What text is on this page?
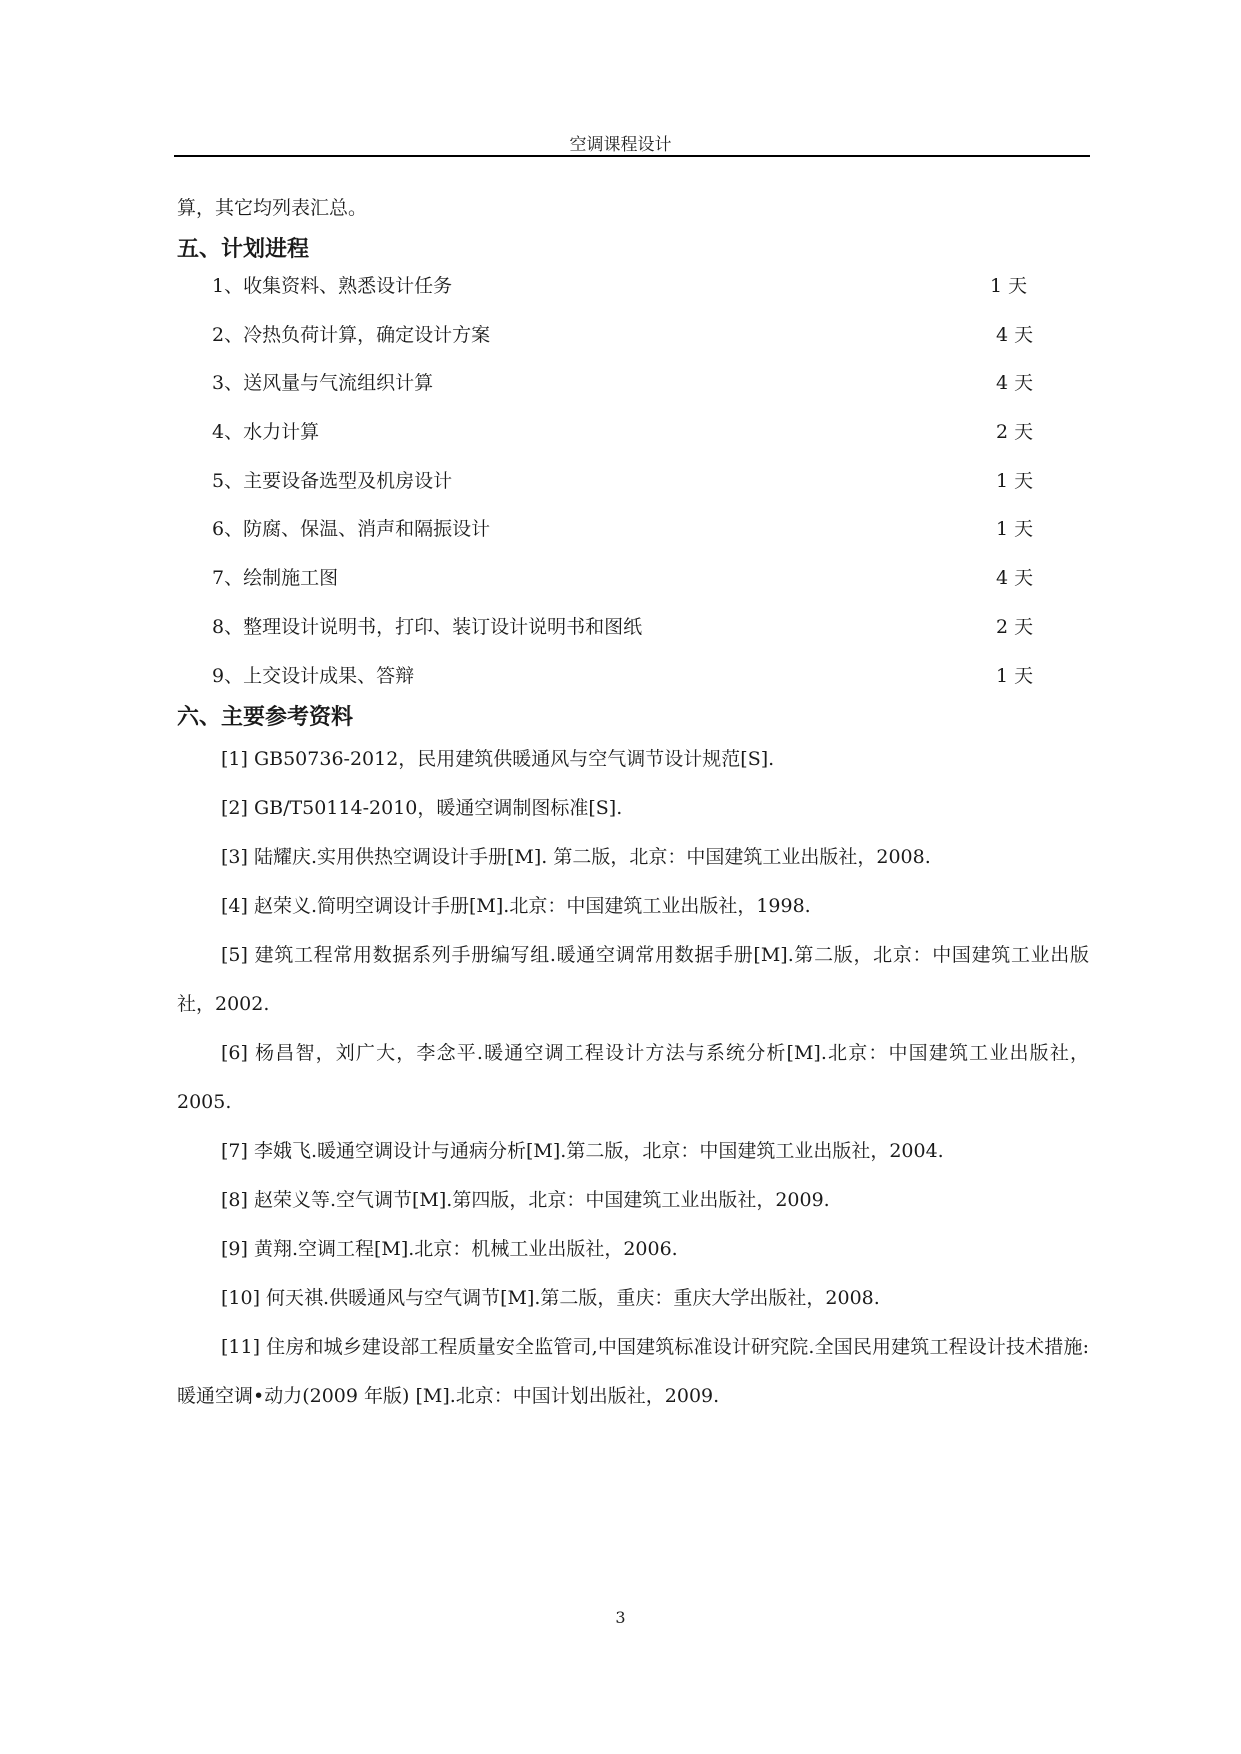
空调课程设计

算，其它均列表汇总。

五、计划进程
1、收集资料、熟悉设计任务	1 天
2、冷热负荷计算，确定设计方案	4 天
3、送风量与气流组织计算	4 天
4、水力计算	2 天
5、主要设备选型及机房设计	1 天
6、防腐、保温、消声和隔振设计	1 天
7、绘制施工图	4 天
8、整理设计说明书，打印、装订设计说明书和图纸	2 天
9、上交设计成果、答辩	1 天
六、主要参考资料
[1] GB50736-2012，民用建筑供暖通风与空气调节设计规范[S].
[2] GB/T50114-2010，暖通空调制图标准[S].
[3] 陆耀庆.实用供热空调设计手册[M]. 第二版，北京：中国建筑工业出版社，2008.
[4] 赵荣义.简明空调设计手册[M].北京：中国建筑工业出版社，1998.
[5] 建筑工程常用数据系列手册编写组.暖通空调常用数据手册[M].第二版，北京：中国建筑工业出版社，2002.
[6] 杨昌智，刘广大，李念平.暖通空调工程设计方法与系统分析[M].北京：中国建筑工业出版社，2005.
[7] 李娥飞.暖通空调设计与通病分析[M].第二版，北京：中国建筑工业出版社，2004.
[8] 赵荣义等.空气调节[M].第四版，北京：中国建筑工业出版社，2009.
[9] 黄翔.空调工程[M].北京：机械工业出版社，2006.
[10] 何天祺.供暖通风与空气调节[M].第二版，重庆：重庆大学出版社，2008.
[11] 住房和城乡建设部工程质量安全监管司,中国建筑标准设计研究院.全国民用建筑工程设计技术措施:暖通空调•动力(2009 年版) [M].北京：中国计划出版社，2009.
3
